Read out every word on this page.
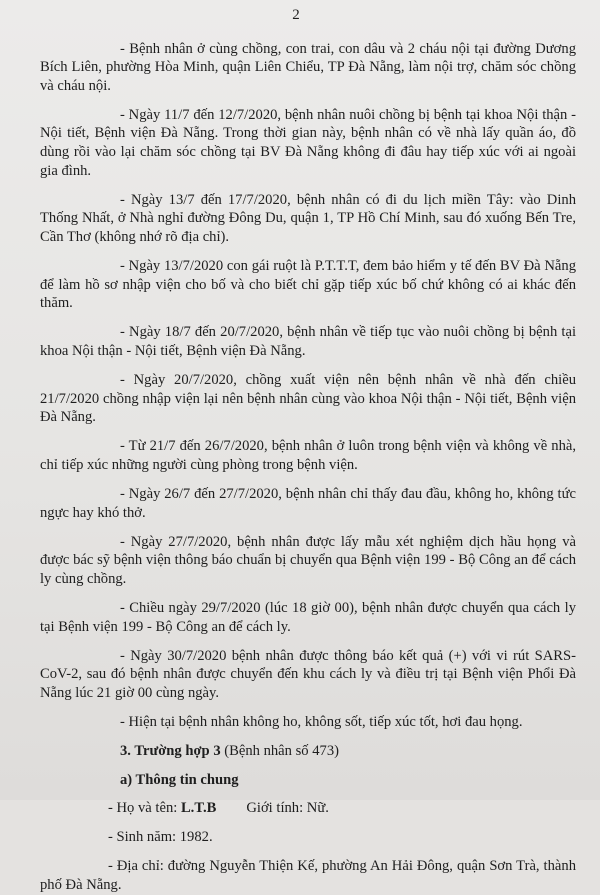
2

- Bệnh nhân ở cùng chồng, con trai, con dâu và 2 cháu nội tại đường Dương Bích Liên, phường Hòa Minh, quận Liên Chiểu, TP Đà Nẵng, làm nội trợ, chăm sóc chồng và cháu nội.

- Ngày 11/7 đến 12/7/2020, bệnh nhân nuôi chồng bị bệnh tại khoa Nội thận - Nội tiết, Bệnh viện Đà Nẵng. Trong thời gian này, bệnh nhân có về nhà lấy quần áo, đồ dùng rồi vào lại chăm sóc chồng tại BV Đà Nẵng không đi đâu hay tiếp xúc với ai ngoài gia đình.

- Ngày 13/7 đến 17/7/2020, bệnh nhân có đi du lịch miền Tây: vào Dinh Thống Nhất, ở Nhà nghỉ đường Đông Du, quận 1, TP Hồ Chí Minh, sau đó xuống Bến Tre, Cần Thơ (không nhớ rõ địa chỉ).

- Ngày 13/7/2020 con gái ruột là P.T.T.T, đem bảo hiểm y tế đến BV Đà Nẵng để làm hồ sơ nhập viện cho bố và cho biết chỉ gặp tiếp xúc bố chứ không có ai khác đến thăm.

- Ngày 18/7 đến 20/7/2020, bệnh nhân về tiếp tục vào nuôi chồng bị bệnh tại khoa Nội thận - Nội tiết, Bệnh viện Đà Nẵng.

- Ngày 20/7/2020, chồng xuất viện nên bệnh nhân về nhà đến chiều 21/7/2020 chồng nhập viện lại nên bệnh nhân cùng vào khoa Nội thận - Nội tiết, Bệnh viện Đà Nẵng.

- Từ 21/7 đến 26/7/2020, bệnh nhân ở luôn trong bệnh viện và không về nhà, chỉ tiếp xúc những người cùng phòng trong bệnh viện.

- Ngày 26/7 đến 27/7/2020, bệnh nhân chỉ thấy đau đầu, không ho, không tức ngực hay khó thở.

- Ngày 27/7/2020, bệnh nhân được lấy mẫu xét nghiệm dịch hầu họng và được bác sỹ bệnh viện thông báo chuẩn bị chuyển qua Bệnh viện 199 - Bộ Công an để cách ly cùng chồng.

- Chiều ngày 29/7/2020 (lúc 18 giờ 00), bệnh nhân được chuyển qua cách ly tại Bệnh viện 199 - Bộ Công an để cách ly.

- Ngày 30/7/2020 bệnh nhân được thông báo kết quả (+) với vi rút SARS-CoV-2, sau đó bệnh nhân được chuyển đến khu cách ly và điều trị tại Bệnh viện Phổi Đà Nẵng lúc 21 giờ 00 cùng ngày.

- Hiện tại bệnh nhân không ho, không sốt, tiếp xúc tốt, hơi đau họng.

3. Trường hợp 3 (Bệnh nhân số 473)

a) Thông tin chung

- Họ và tên: L.T.B Giới tính: Nữ.

- Sinh năm: 1982.

- Địa chỉ: đường Nguyễn Thiện Kế, phường An Hải Đông, quận Sơn Trà, thành phố Đà Nẵng.
